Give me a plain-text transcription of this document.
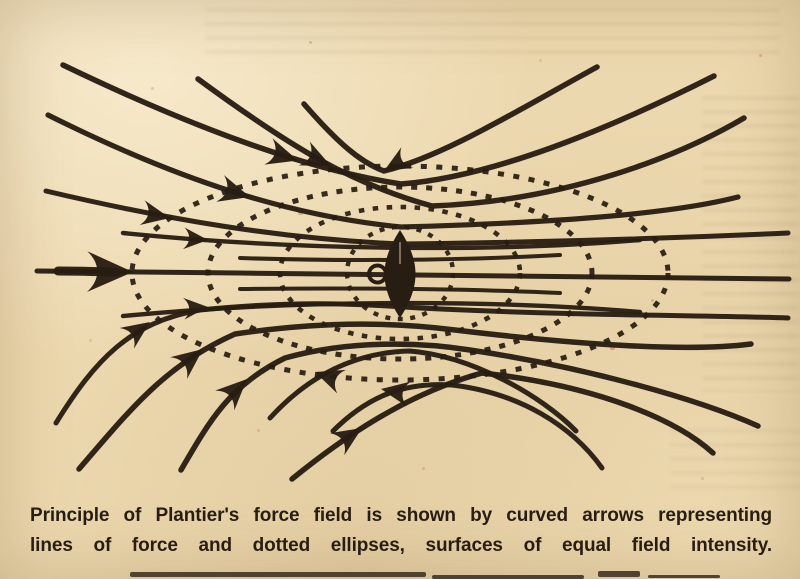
Principle of Plantier's force field is shown by curved arrows representing
lines of force and dotted ellipses, surfaces of equal field intensity.
